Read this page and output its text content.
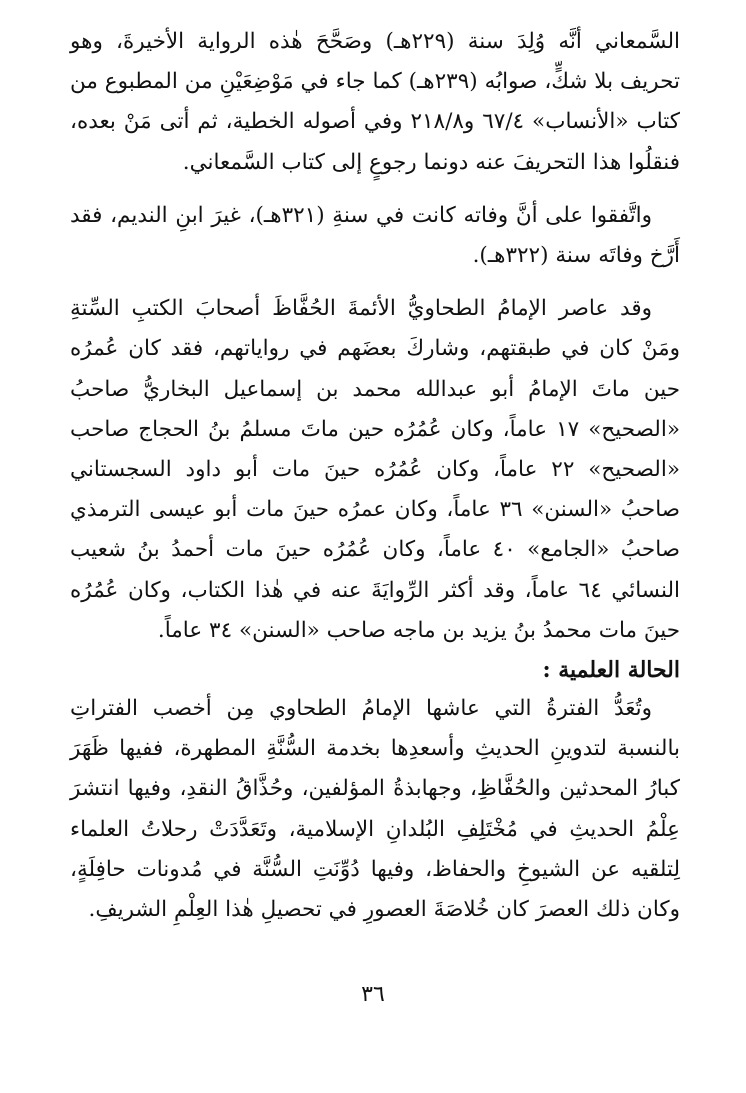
السَّمعاني أنَّه وُلِدَ سنة (٢٢٩هـ) وصَحَّحَ هٰذه الرواية الأخيرةَ، وهو تحريف بلا شكٍّ، صوابُه (٢٣٩هـ) كما جاء في مَوْضِعَيْنِ من المطبوع من كتاب «الأنساب» ٦٧/٤ و٢١٨/٨ وفي أصوله الخطية، ثم أتى مَنْ بعده، فنقلُوا هذا التحريفَ عنه دونما رجوعٍ إلى كتاب السَّمعاني.

واتَّفقوا على أنَّ وفاته كانت في سنةِ (٣٢١هـ)، غيرَ ابنِ النديم، فقد أَرَّخ وفاتَه سنة (٣٢٢هـ).

وقد عاصر الإمامُ الطحاويُّ الأئمةَ الحُفَّاظَ أصحابَ الكتبِ السِّتةِ ومَنْ كان في طبقتهم، وشاركَ بعضَهم في رواياتهم، فقد كان عُمرُه حين ماتَ الإمامُ أبو عبدالله محمد بن إسماعيل البخاريُّ صاحبُ «الصحيح» ١٧ عاماً، وكان عُمُرُه حين ماتَ مسلمُ بنُ الحجاج صاحب «الصحيح» ٢٢ عاماً، وكان عُمُرُه حينَ مات أبو داود السجستاني صاحبُ «السنن» ٣٦ عاماً، وكان عمرُه حينَ مات أبو عيسى الترمذي صاحبُ «الجامع» ٤٠ عاماً، وكان عُمُرُه حينَ مات أحمدُ بنُ شعيب النسائي ٦٤ عاماً، وقد أكثر الرِّوايَةَ عنه في هٰذا الكتاب، وكان عُمُرُه حينَ مات محمدُ بنُ يزيد بن ماجه صاحب «السنن» ٣٤ عاماً.

الحالة العلمية :

وتُعَدُّ الفترةُ التي عاشها الإمامُ الطحاوي مِن أخصب الفتراتِ بالنسبة لتدوينِ الحديثِ وأسعدِها بخدمة السُّنَّةِ المطهرة، ففيها ظَهَرَ كبارُ المحدثين والحُفَّاظِ، وجهابذةُ المؤلفين، وحُذَّاقُ النقدِ، وفيها انتشرَ عِلْمُ الحديثِ في مُخْتَلِفِ البُلدانِ الإسلامية، وتَعَدَّدَتْ رحلاتُ العلماء لِتلقيه عن الشيوخِ والحفاظ، وفيها دُوِّنَتِ السُّنَّة في مُدونات حافِلَةٍ، وكان ذلك العصرَ كان خُلاصَةَ العصورِ في تحصيلِ هٰذا العِلْمِ الشريفِ.

٣٦
